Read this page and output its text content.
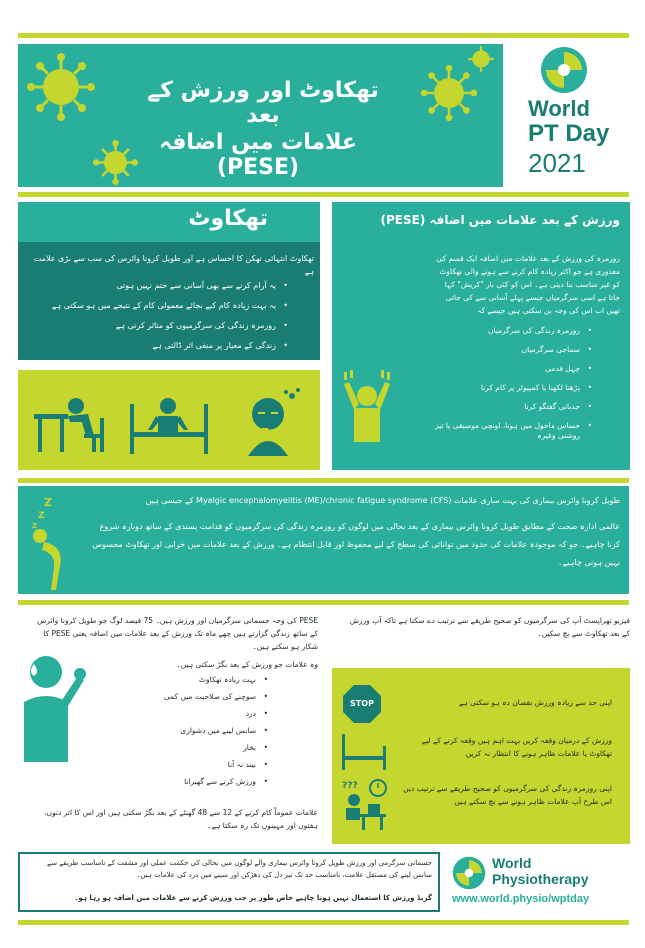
تھکاوٹ اور ورزش کے بعد
علامات میں اضافہ (PESE)
World
PT Day
2021
تھکاوٹ
تھکاوٹ انتہائی تھکن کا احساس ہے اور طویل کرونا وائرس کی سب سے بڑی علامت ہے
• یہ آرام کرنے سے بھی آسانی سے ختم نہیں ہوتی
• یہ بہت زیادہ کام کیے بجائے معمولی کام کے نتیجے میں ہو سکتی ہے
• روزمرہ زندگی کی سرگرمیوں کو متاثر کرتی ہے
• زندگی کے معیار پر منفی اثر ڈالتی ہے
ورزش کے بعد علامات میں اضافہ (PESE)
روزمرہ کی ورزش کے بعد علامات میں اضافہ ایک قسم کی معذوری ہے جو اکثر زیادہ کام کرنے سے ہونے والی تھکاوٹ کو غیر مناسب بنا دیتی ہے۔ اس کو کئی بار "کریش" کہا جاتا ہے اسی سرگرمیاں جیسے پہلے آسانی سے کی جاتی تھیں اب اس کی وجہ بن سکتی ہیں جیسے کہ
• روزمرہ زندگی کی سرگرمیاں
• سماجی سرگرمیاں
• چہل قدمی
• پڑھنا لکھنا یا کمپیوٹر پر کام کرنا
• جذباتی گفتگو کرنا
• حساس ماحول میں ہونا، اونچی موسیقی یا تیز روشنی وغیرہ
Z
Z
Z
طویل کرونا وائرس بیماری کی بہت ساری علامات Myalgic encephalomyelitis (ME)/chronic fatigue syndrome (CFS) کے جیسی ہیں
عالمی ادارہ صحت کے مطابق طویل کرونا وائرس بیماری کے بعد بحالی میں لوگوں کو روزمرہ زندگی کی سرگرمیوں کو قدامت پسندی کے ساتھ دوبارہ شروع کرنا چاہیے۔ جو کہ موجودہ علامات کی حدود میں توانائی کی سطح کے لیے محفوظ اور قابل انتظام ہے۔ ورزش کے بعد علامات میں خرابی اور تھکاوٹ محسوس نہیں ہونی چاہیے۔
PESE کی وجہ جسمانی سرگرمیاں اور ورزش ہیں۔ 75 فیصد لوگ جو طویل کرونا وائرس کے ساتھ زندگی گزارتے ہیں چھے ماہ تک ورزش کے بعد علامات میں اضافہ یعنی PESE کا شکار ہو سکتے ہیں۔
وہ علامات جو ورزش کے بعد بگڑ سکتی ہیں۔
• بہت زیادہ تھکاوٹ
• سوچنے کی صلاحیت میں کمی
• درد
• سانس لینے میں دشواری
• بخار
• نیند نہ آنا
• ورزش کرنے سے گھبرانا
علامات عموماً کام کرنے کے 12 سے 48 گھنٹے کے بعد بگڑ سکتی ہیں اور اس کا اثر دنوں، ہفتوں اور مہینوں تک رہ سکتا ہے۔
فیزیو تھراپسٹ آپ کی سرگرمیوں کو صحیح طریقے سے ترتیب دے سکتا ہے تاکہ آپ ورزش کے بعد تھکاوٹ سے بچ سکیں۔
STOP	اپنی حد سے زیادہ ورزش نقصان دہ ہو سکتی ہے
ورزش کے درمیان وقفہ کریں بہت اہم ہیں وقفہ کرنے کے لیے تھکاوٹ یا علامات ظاہر ہونے کا انتظار نہ کریں
???	اپنی روزمرہ زندگی کی سرگرمیوں کو صحیح طریقے سے ترتیب دیں اس طرح آپ علامات ظاہر ہونے سے بچ سکتے ہیں
جسمانی سرگرمی اور ورزش طویل کرونا وائرس بیماری والے لوگوں میں بحالی کی حکمت عملی اور مشقت کے نامناسب طریقے سے سانس لینے کی مستقل علامت، نامناسب حد تک تیز دل کی دھڑکن اور سینے میں درد کی علامات ہیں۔
گریڈ ورزش کا استعمال نہیں ہونا چاہیے خاص طور پر جب ورزش کرنے سے علامات میں اضافہ ہو رہا ہو۔
World
Physiotherapy
www.world.physio/wptday
